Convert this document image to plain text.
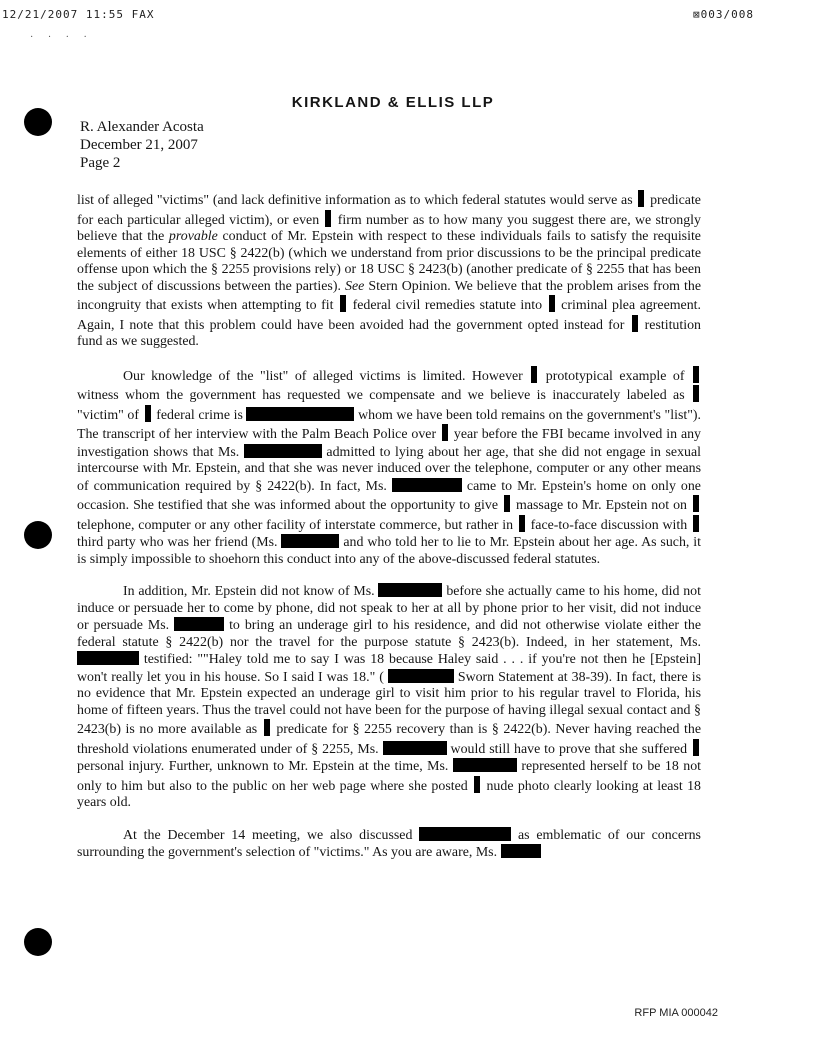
12/21/2007 11:55 FAX	⊠003/008
· · · ·
KIRKLAND & ELLIS LLP
R. Alexander Acosta
December 21, 2007
Page 2

list of alleged "victims" (and lack definitive information as to which federal statutes would serve as predicate for each particular alleged victim), or even firm number as to how many you suggest there are, we strongly believe that the provable conduct of Mr. Epstein with respect to these individuals fails to satisfy the requisite elements of either 18 USC § 2422(b) (which we understand from prior discussions to be the principal predicate offense upon which the § 2255 provisions rely) or 18 USC § 2423(b) (another predicate of § 2255 that has been the subject of discussions between the parties). See Stern Opinion. We believe that the problem arises from the incongruity that exists when attempting to fit federal civil remedies statute into criminal plea agreement. Again, I note that this problem could have been avoided had the government opted instead for restitution fund as we suggested.

Our knowledge of the "list" of alleged victims is limited. However prototypical example of  witness whom the government has requested we compensate and we believe is inaccurately labeled as  "victim" of federal crime is	whom we have been told remains on the government's "list"). The transcript of her interview with the Palm Beach Police over year before the FBI became involved in any investigation shows that Ms.	admitted to lying about her age, that she did not engage in sexual intercourse with Mr. Epstein, and that she was never induced over the telephone, computer or any other means of communication required by § 2422(b). In fact, Ms.	came to Mr. Epstein's home on only one occasion. She testified that she was informed about the opportunity to give massage to Mr. Epstein not on  telephone, computer or any other facility of interstate commerce, but rather in face-to-face discussion with  third party who was her friend (Ms.	and who told her to lie to Mr. Epstein about her age. As such, it is simply impossible to shoehorn this conduct into any of the above-discussed federal statutes.

In addition, Mr. Epstein did not know of Ms.	before she actually came to his home, did not induce or persuade her to come by phone, did not speak to her at all by phone prior to her visit, did not induce or persuade Ms.	to bring an underage girl to his residence, and did not otherwise violate either the federal statute § 2422(b) nor the travel for the purpose statute § 2423(b). Indeed, in her statement, Ms.  testified: ""Haley told me to say I was 18 because Haley said . . . if you're not then he [Epstein] won't really let you in his house. So I said I was 18." (	Sworn Statement at 38-39). In fact, there is no evidence that Mr. Epstein expected an underage girl to visit him prior to his regular travel to Florida, his home of fifteen years. Thus the travel could not have been for the purpose of having illegal sexual contact and § 2423(b) is no more available as predicate for § 2255 recovery than is § 2422(b). Never having reached the threshold violations enumerated under of § 2255, Ms.	would still have to prove that she suffered  personal injury. Further, unknown to Mr. Epstein at the time, Ms.	represented herself to be 18 not only to him but also to the public on her web page where she posted nude photo clearly looking at least 18 years old.

At the December 14 meeting, we also discussed	as emblematic of our concerns surrounding the government's selection of "victims." As you are aware, Ms.

RFP MIA 000042
